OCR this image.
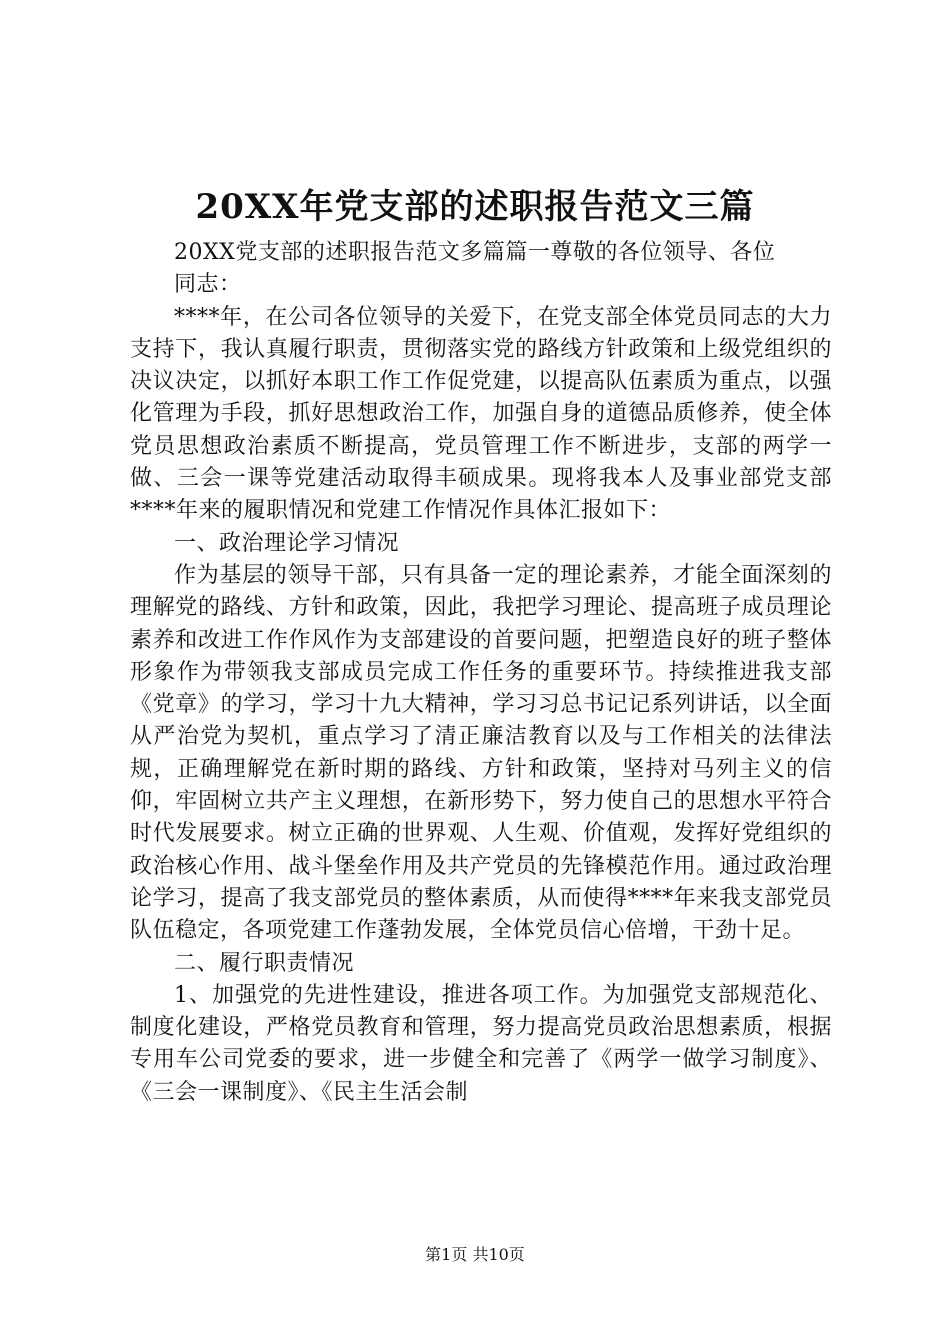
20XX年党支部的述职报告范文三篇

20XX党支部的述职报告范文多篇篇一尊敬的各位领导、各位

同志：

****年，在公司各位领导的关爱下，在党支部全体党员同志的大力支持下，我认真履行职责，贯彻落实党的路线方针政策和上级党组织的决议决定，以抓好本职工作工作促党建，以提高队伍素质为重点，以强化管理为手段，抓好思想政治工作，加强自身的道德品质修养，使全体党员思想政治素质不断提高，党员管理工作不断进步，支部的两学一做、三会一课等党建活动取得丰硕成果。现将我本人及事业部党支部****年来的履职情况和党建工作情况作具体汇报如下：

一、政治理论学习情况

作为基层的领导干部，只有具备一定的理论素养，才能全面深刻的理解党的路线、方针和政策，因此，我把学习理论、提高班子成员理论素养和改进工作作风作为支部建设的首要问题，把塑造良好的班子整体形象作为带领我支部成员完成工作任务的重要环节。持续推进我支部《党章》的学习，学习十九大精神，学习习总书记记系列讲话，以全面从严治党为契机，重点学习了清正廉洁教育以及与工作相关的法律法规，正确理解党在新时期的路线、方针和政策，坚持对马列主义的信仰，牢固树立共产主义理想，在新形势下，努力使自己的思想水平符合时代发展要求。树立正确的世界观、人生观、价值观，发挥好党组织的政治核心作用、战斗堡垒作用及共产党员的先锋模范作用。通过政治理论学习，提高了我支部党员的整体素质，从而使得****年来我支部党员队伍稳定，各项党建工作蓬勃发展，全体党员信心倍增，干劲十足。

二、履行职责情况

1、加强党的先进性建设，推进各项工作。为加强党支部规范化、制度化建设，严格党员教育和管理，努力提高党员政治思想素质，根据专用车公司党委的要求，进一步健全和完善了《两学一做学习制度》、《三会一课制度》、《民主生活会制

第1页 共10页
